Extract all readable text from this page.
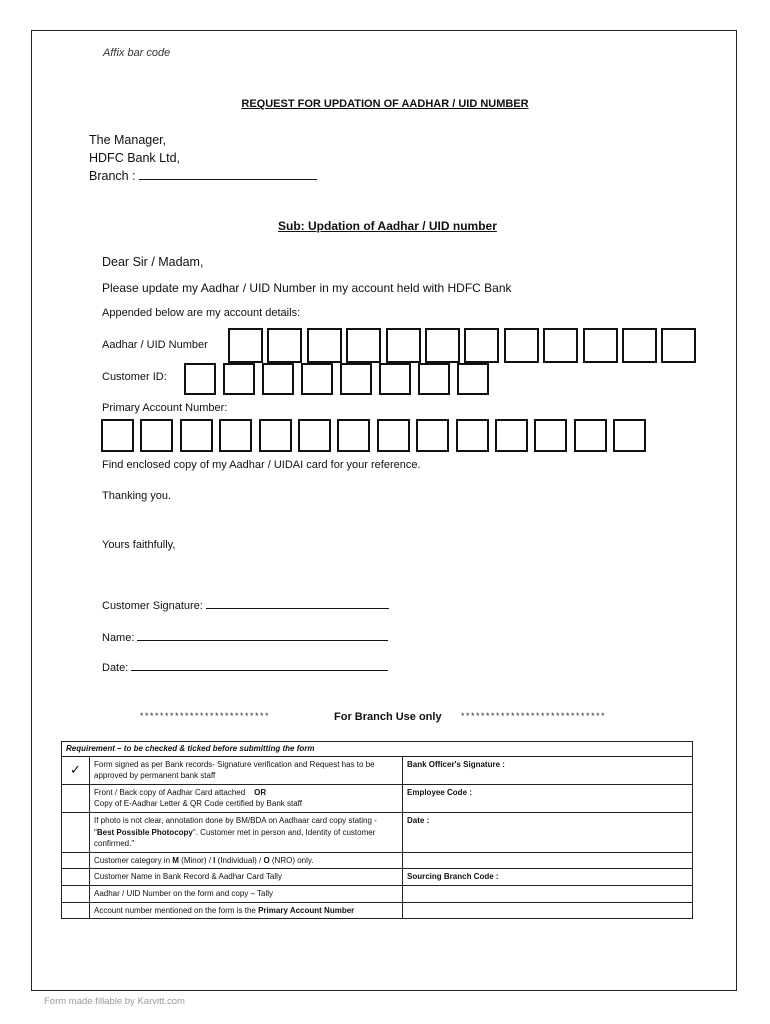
Affix bar code
REQUEST FOR UPDATION OF AADHAR / UID NUMBER
The Manager,
HDFC Bank Ltd,
Branch :
Sub: Updation of Aadhar / UID number
Dear Sir / Madam,
Please update my Aadhar / UID Number in my account held with HDFC Bank
Appended below are my account details:
Aadhar / UID Number
Customer ID:
Primary Account Number:
Find enclosed copy of my Aadhar / UIDAI card for your reference.
Thanking you.
Yours faithfully,
Customer Signature:
Name:
Date:
**************************	For Branch Use only *****************************
Requirement – to be checked & ticked before submitting the form		
✓	Form signed as per Bank records- Signature verification and Request has to be approved by permanent bank staff	Bank Officer's Signature :
	Front / Back copy of Aadhar Card attached OR
Copy of E-Aadhar Letter & QR Code certified by Bank staff	Employee Code :
	If photo is not clear, annotation done by BM/BDA on Aadhaar card copy stating - "Best Possible Photocopy". Customer met in person and, Identity of customer confirmed."	Date :
	Customer category in M (Minor) / I (Individual) / O (NRO) only.	
	Customer Name in Bank Record & Aadhar Card Tally	Sourcing Branch Code :
	Aadhar / UID Number on the form and copy – Tally	
	Account number mentioned on the form is the Primary Account Number	
Form made fillable by Karvitt.com
